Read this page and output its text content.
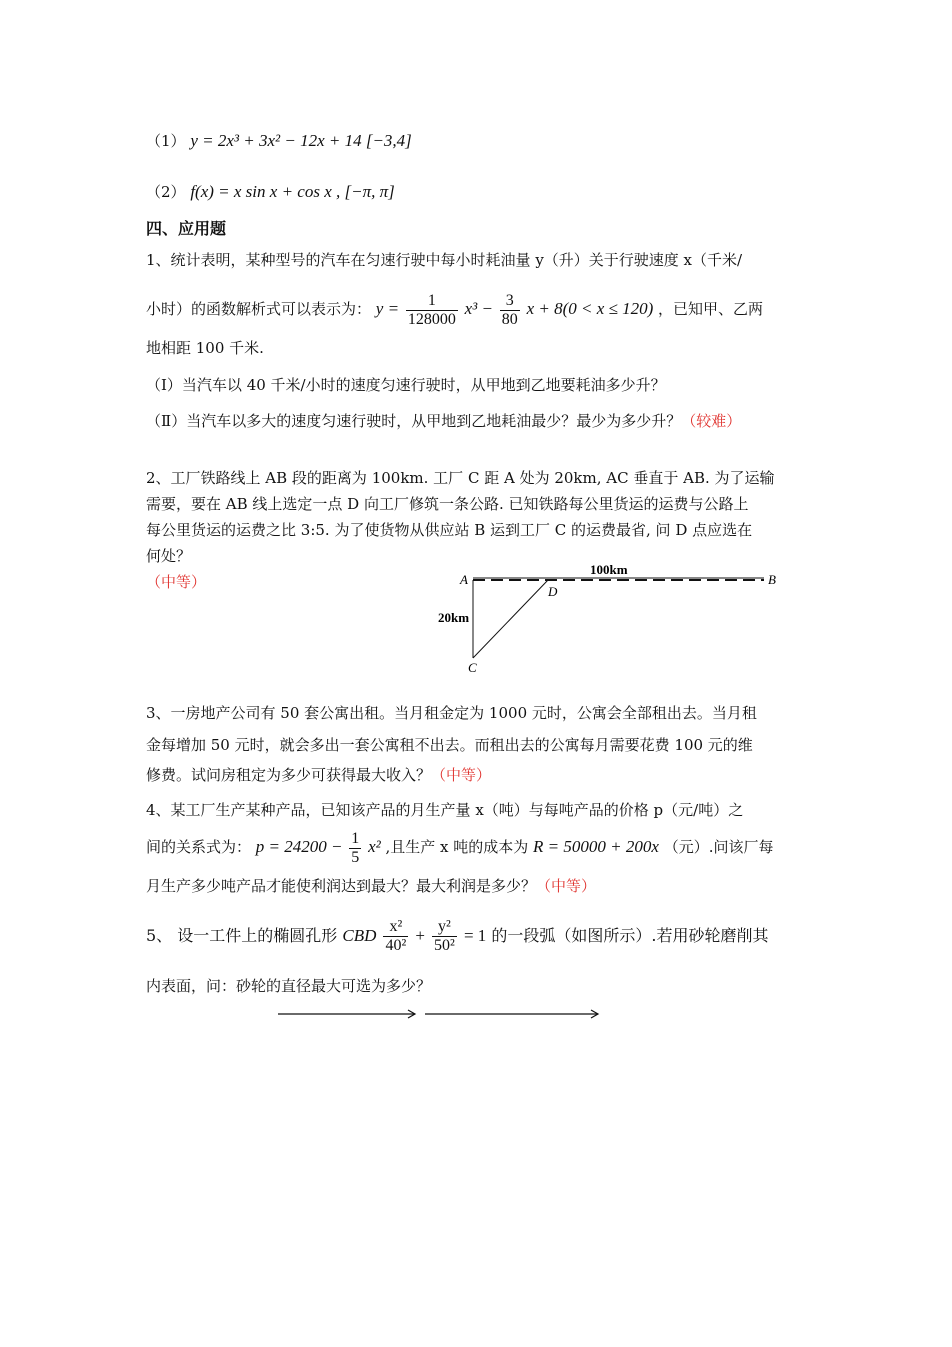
（1） y = 2x³ + 3x² − 12x + 14 [−3,4]
（2） f(x) = x sin x + cos x , [−π, π]
四、应用题
1、统计表明，某种型号的汽车在匀速行驶中每小时耗油量 y（升）关于行驶速度 x（千米/
小时）的函数解析式可以表示为： $y = \frac{1}{128000} x^3 - \frac{3}{80}$ x + 8(0 < x ≤ 120) ，已知甲、乙两
地相距 100 千米.
（Ⅰ）当汽车以 40 千米/小时的速度匀速行驶时，从甲地到乙地要耗油多少升？
（Ⅱ）当汽车以多大的速度匀速行驶时，从甲地到乙地耗油最少？最少为多少升？（较难）
2、工厂铁路线上 AB 段的距离为 100km. 工厂 C 距 A 处为 20km, AC 垂直于 AB. 为了运输
需要，要在 AB 线上选定一点 D 向工厂修筑一条公路. 已知铁路每公里货运的运费与公路上
每公里货运的运费之比 3:5. 为了使货物从供应站 B 运到工厂 C 的运费最省, 问 D 点应选在
何处？
（中等）	A	B
C
D
100km
20km
3、一房地产公司有 50 套公寓出租。当月租金定为 1000 元时，公寓会全部租出去。当月租
金每增加 50 元时，就会多出一套公寓租不出去。而租出去的公寓每月需要花费 100 元的维
修费。试问房租定为多少可获得最大收入？（中等）
4、某工厂生产某种产品，已知该产品的月生产量 x（吨）与每吨产品的价格 p（元/吨）之
间的关系式为： $p = 24200 - \frac{1}{5} x^2$ ,且生产 x 吨的成本为 R = 50000 + 200x （元）.问该厂每
月生产多少吨产品才能使利润达到最大？最大利润是多少？（中等）
5、 设一工件上的椭圆孔形 CBD $\frac{\text{x²}}{\text{40²}} + \frac{\text{y²}}{\text{50²}} = 1$ 的一段弧（如图所示）.若用砂轮磨削其
内表面，问：砂轮的直径最大可选为多少？
